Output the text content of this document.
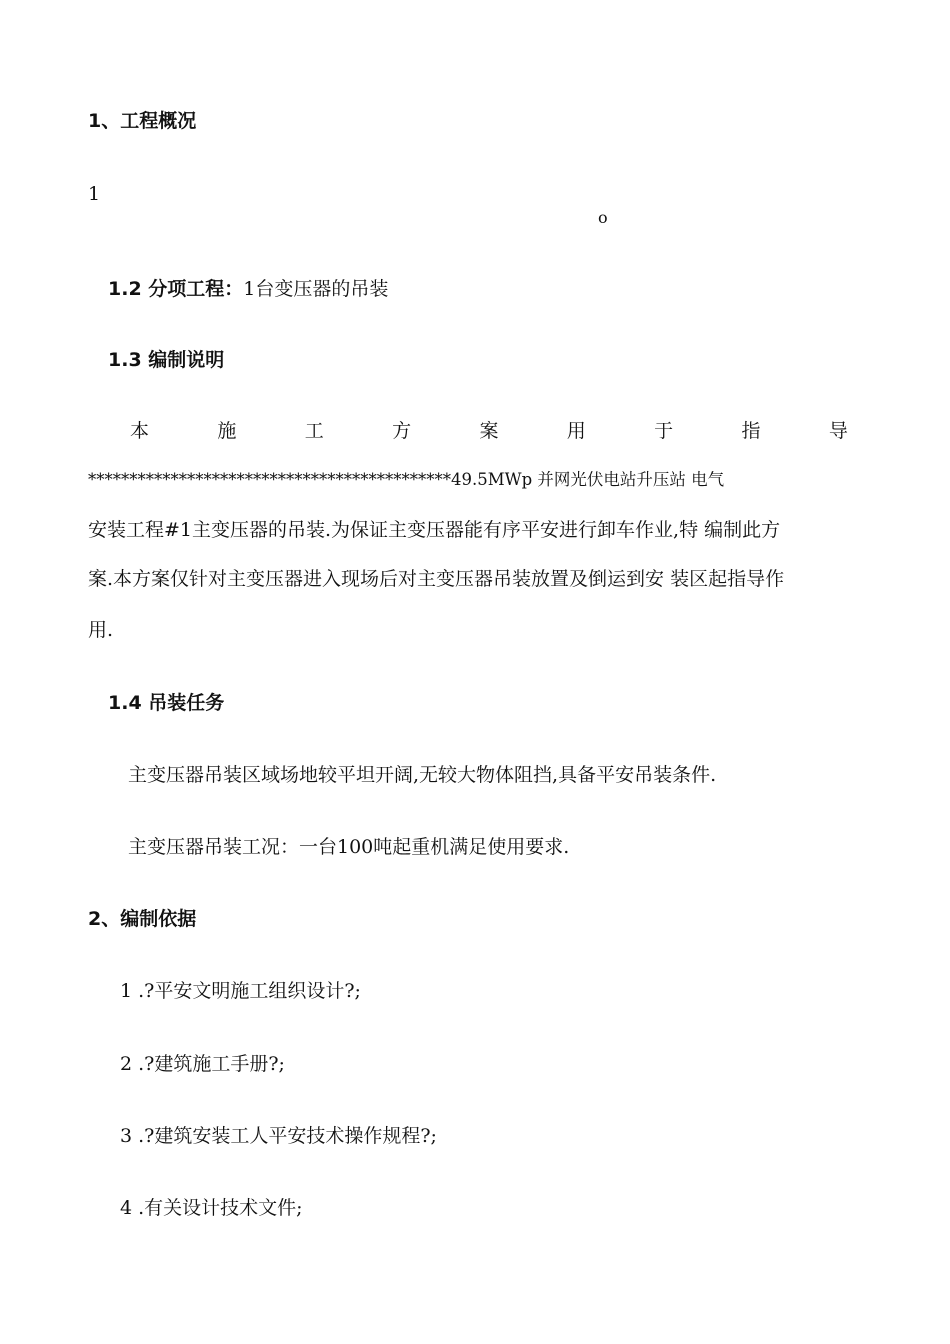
1、工程概况
1
o
1.2 分项工程：1台变压器的吊装
1.3 编制说明
本	施	工	方	案	用	于	指	导
********************************************49.5MWp 并网光伏电站升压站 电气
安装工程#1主变压器的吊装.为保证主变压器能有序平安进行卸车作业,特 编制此方
案.本方案仅针对主变压器进入现场后对主变压器吊装放置及倒运到安 装区起指导作
用.
1.4 吊装任务
主变压器吊装区域场地较平坦开阔,无较大物体阻挡,具备平安吊装条件.
主变压器吊装工况：一台100吨起重机满足使用要求.
2、编制依据
1 .?平安文明施工组织设计?;
2 .?建筑施工手册?;
3 .?建筑安装工人平安技术操作规程?;
4 .有关设计技术文件;
